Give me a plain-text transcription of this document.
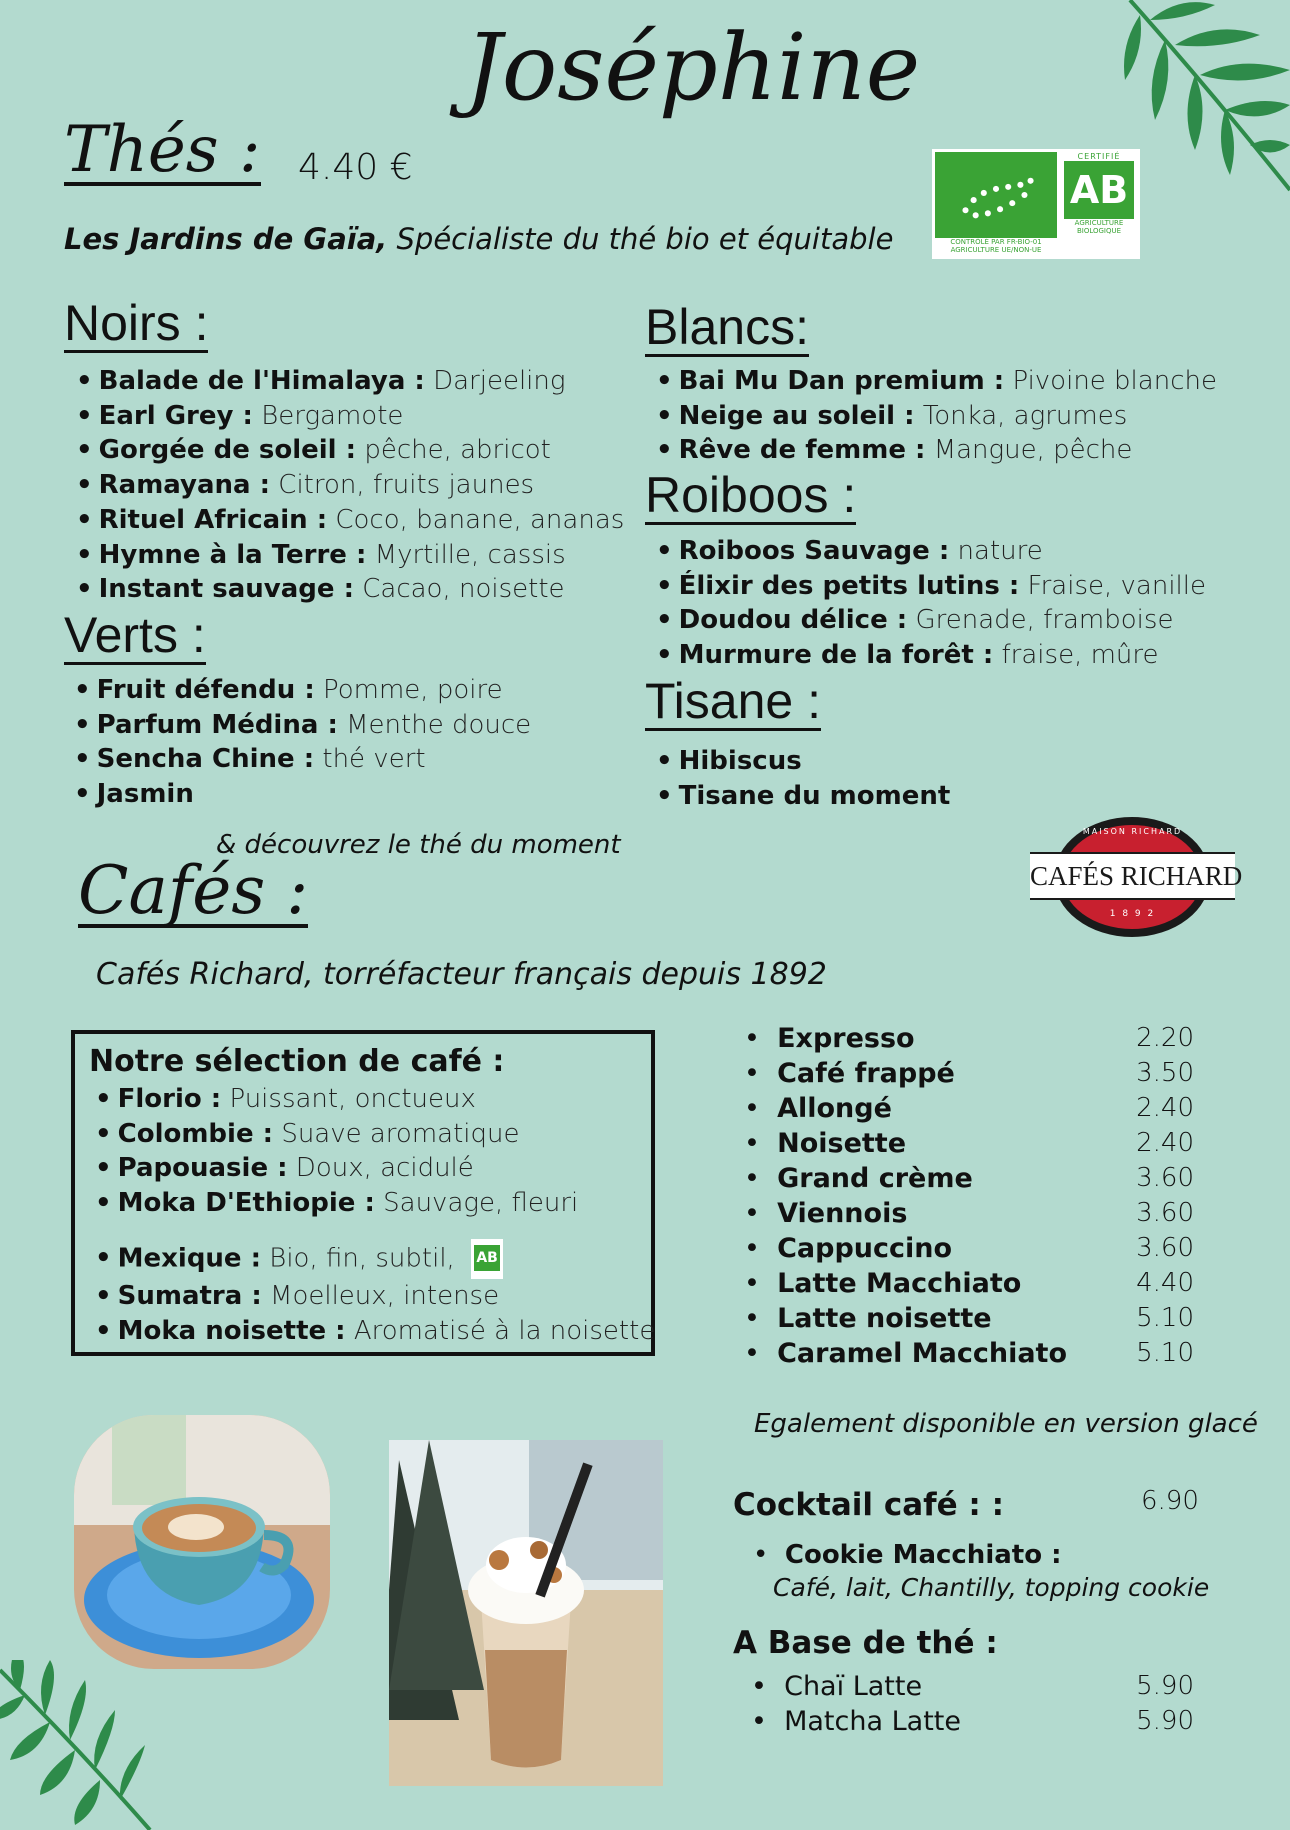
Joséphine
Thés : 4.40 €
Les Jardins de Gaïa, Spécialiste du thé bio et équitable	CONTRÔLÉ PAR FR-BIO-01 AGRICULTURE UE/NON-UE
CERTIFIÉ
AB
AGRICULTURE BIOLOGIQUE
Noirs :
• Balade de l'Himalaya : Darjeeling
• Earl Grey : Bergamote
• Gorgée de soleil : pêche, abricot
• Ramayana : Citron, fruits jaunes
• Rituel Africain : Coco, banane, ananas
• Hymne à la Terre : Myrtille, cassis
• Instant sauvage : Cacao, noisette
Verts :
• Fruit défendu : Pomme, poire
• Parfum Médina : Menthe douce
• Sencha Chine : thé vert
• Jasmin
Blancs:
• Bai Mu Dan premium : Pivoine blanche
• Neige au soleil : Tonka, agrumes
• Rêve de femme : Mangue, pêche
Roiboos :
• Roiboos Sauvage : nature
• Élixir des petits lutins : Fraise, vanille
• Doudou délice : Grenade, framboise
• Murmure de la forêt : fraise, mûre
Tisane :
• Hibiscus
• Tisane du moment
& découvrez le thé du moment
Cafés :
MAISON RICHARD
CAFÉS RICHARD
1 8 9 2
Cafés Richard, torréfacteur français depuis 1892
Notre sélection de café :
• Florio : Puissant, onctueux
• Colombie : Suave aromatique
• Papouasie : Doux, acidulé
• Moka D'Ethiopie : Sauvage, fleuri
• Mexique : Bio, fin, subtil, AB
• Sumatra : Moelleux, intense
• Moka noisette : Aromatisé à la noisette
• Expresso	2.20
• Café frappé	3.50
• Allongé	2.40
• Noisette	2.40
• Grand crème	3.60
• Viennois	3.60
• Cappuccino	3.60
• Latte Macchiato	4.40
• Latte noisette	5.10
• Caramel Macchiato	5.10
Egalement disponible en version glacé
Cocktail café : :	6.90
•  Cookie Macchiato :
Café, lait, Chantilly, topping cookie
A Base de thé :
• Chaï Latte	5.90
• Matcha Latte	5.90
